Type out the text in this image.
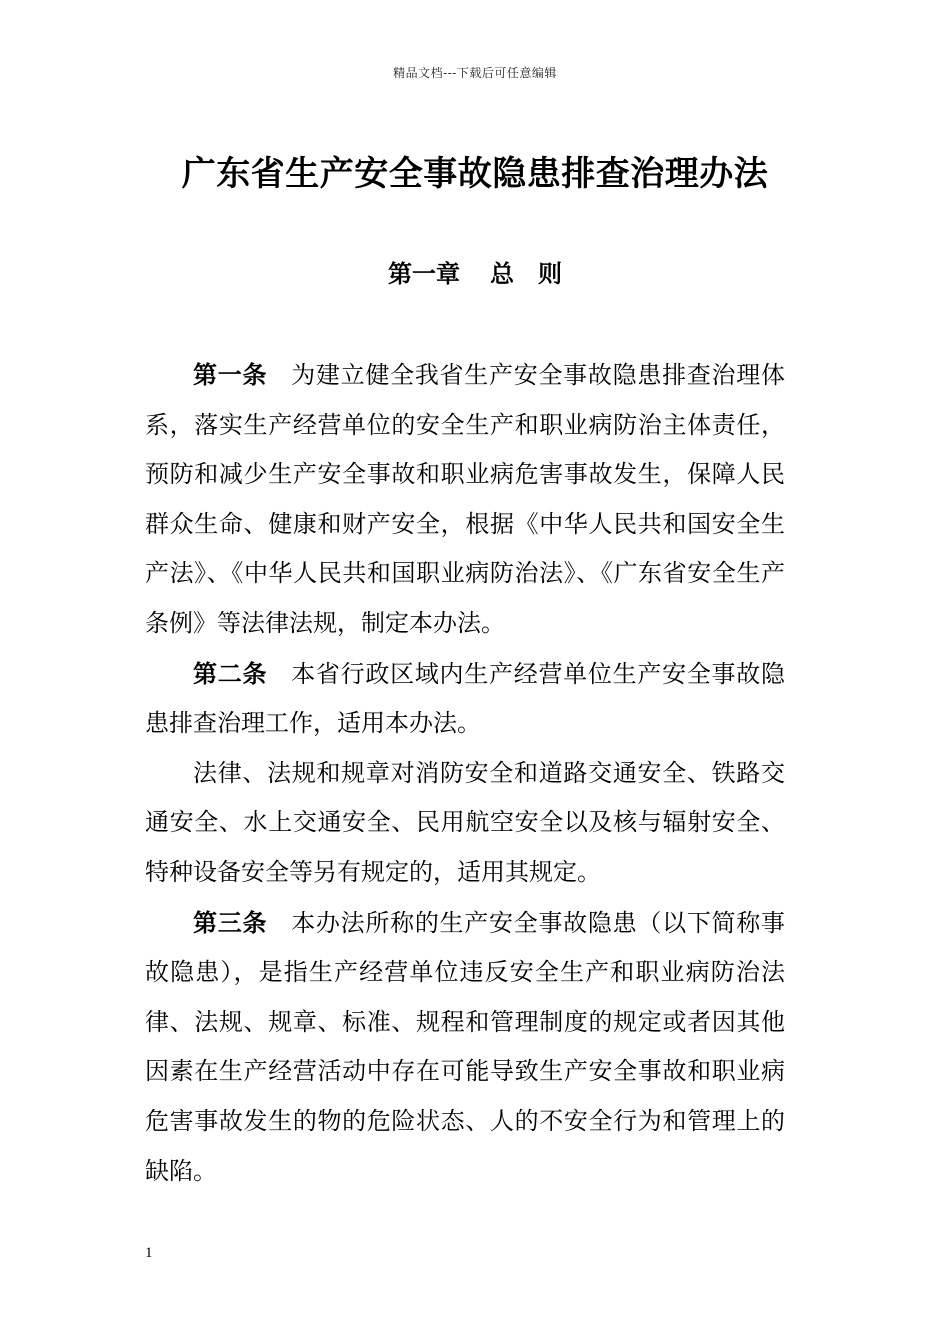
精品文档---下载后可任意编辑
广东省生产安全事故隐患排查治理办法
第一章 总　则

第一条 为建立健全我省生产安全事故隐患排查治理体系，落实生产经营单位的安全生产和职业病防治主体责任，预防和减少生产安全事故和职业病危害事故发生，保障人民群众生命、健康和财产安全，根据《中华人民共和国安全生产法》、《中华人民共和国职业病防治法》、《广东省安全生产条例》等法律法规，制定本办法。

第二条 本省行政区域内生产经营单位生产安全事故隐患排查治理工作，适用本办法。

法律、法规和规章对消防安全和道路交通安全、铁路交通安全、水上交通安全、民用航空安全以及核与辐射安全、特种设备安全等另有规定的，适用其规定。

第三条 本办法所称的生产安全事故隐患（以下简称事故隐患），是指生产经营单位违反安全生产和职业病防治法律、法规、规章、标准、规程和管理制度的规定或者因其他因素在生产经营活动中存在可能导致生产安全事故和职业病危害事故发生的物的危险状态、人的不安全行为和管理上的缺陷。

1
